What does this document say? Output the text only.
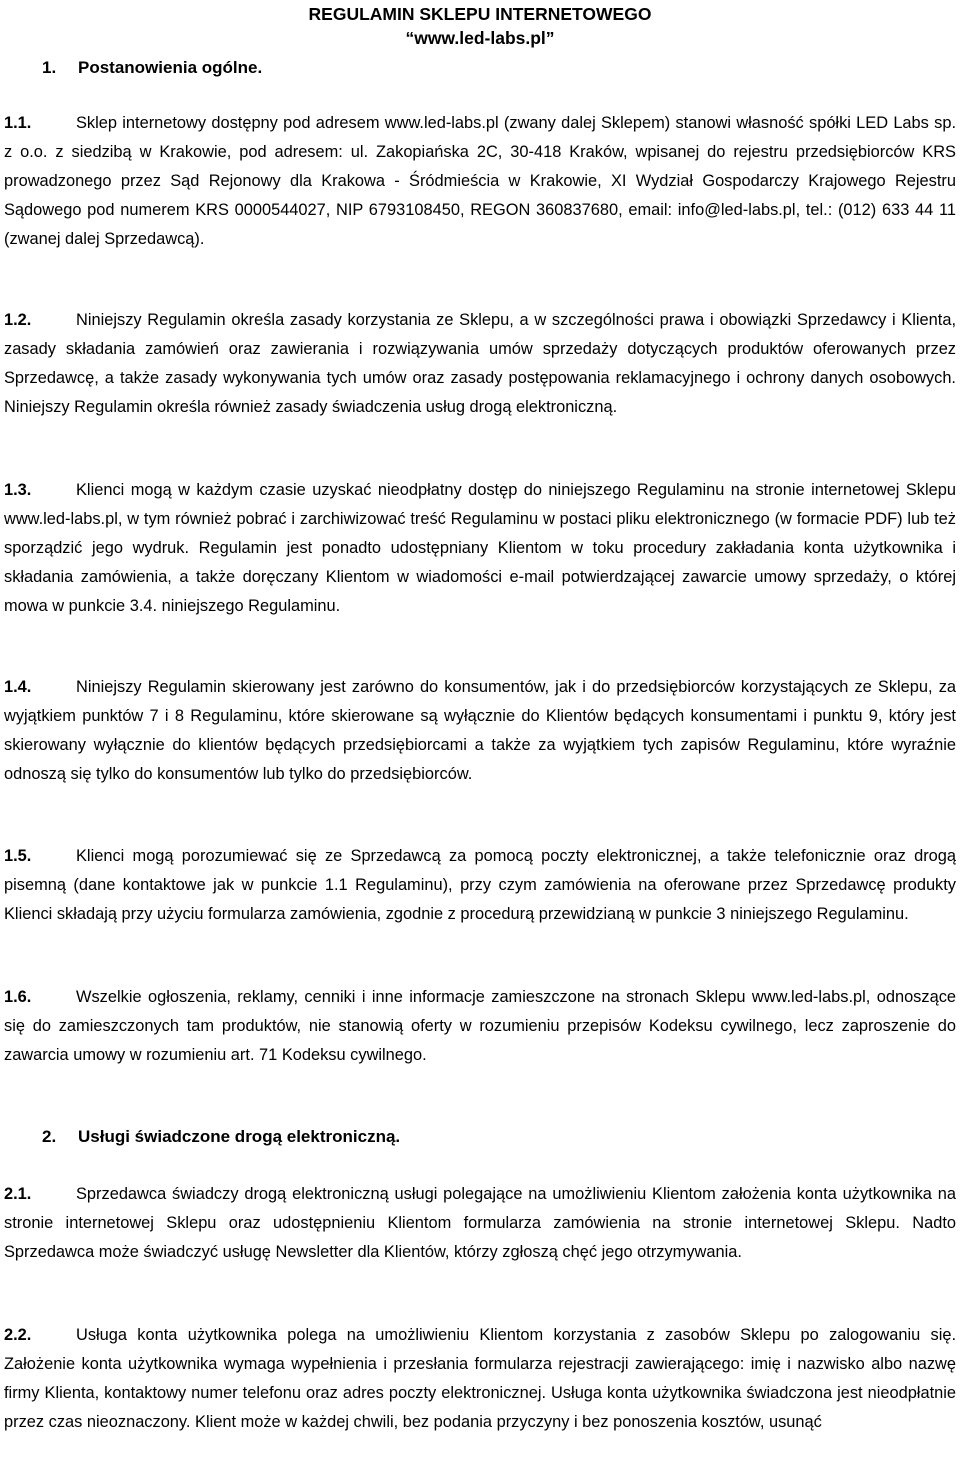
REGULAMIN SKLEPU INTERNETOWEGO
“www.led-labs.pl”
1. Postanowienia ogólne.
1.1.	Sklep internetowy dostępny pod adresem www.led-labs.pl (zwany dalej Sklepem) stanowi własność spółki LED Labs sp. z o.o. z siedzibą w Krakowie, pod adresem: ul. Zakopiańska 2C, 30-418 Kraków, wpisanej do rejestru przedsiębiorców KRS prowadzonego przez Sąd Rejonowy dla Krakowa - Śródmieścia w Krakowie, XI Wydział Gospodarczy Krajowego Rejestru Sądowego pod numerem KRS 0000544027, NIP 6793108450, REGON 360837680, email: info@led-labs.pl, tel.: (012) 633 44 11 (zwanej dalej Sprzedawcą).
1.2.	Niniejszy Regulamin określa zasady korzystania ze Sklepu, a w szczególności prawa i obowiązki Sprzedawcy i Klienta, zasady składania zamówień oraz zawierania i rozwiązywania umów sprzedaży dotyczących produktów oferowanych przez Sprzedawcę, a także zasady wykonywania tych umów oraz zasady postępowania reklamacyjnego i ochrony danych osobowych. Niniejszy Regulamin określa również zasady świadczenia usług drogą elektroniczną.
1.3.	Klienci mogą w każdym czasie uzyskać nieodpłatny dostęp do niniejszego Regulaminu na stronie internetowej Sklepu www.led-labs.pl, w tym również pobrać i zarchiwizować treść Regulaminu w postaci pliku elektronicznego (w formacie PDF) lub też sporządzić jego wydruk. Regulamin jest ponadto udostępniany Klientom w toku procedury zakładania konta użytkownika i składania zamówienia, a także doręczany Klientom w wiadomości e-mail potwierdzającej zawarcie umowy sprzedaży, o której mowa w punkcie 3.4. niniejszego Regulaminu.
1.4.	Niniejszy Regulamin skierowany jest zarówno do konsumentów, jak i do przedsiębiorców korzystających ze Sklepu, za wyjątkiem punktów 7 i 8 Regulaminu, które skierowane są wyłącznie do Klientów będących konsumentami i punktu 9, który jest skierowany wyłącznie do klientów będących przedsiębiorcami a także za wyjątkiem tych zapisów Regulaminu, które wyraźnie odnoszą się tylko do konsumentów lub tylko do przedsiębiorców.
1.5.	Klienci mogą porozumiewać się ze Sprzedawcą za pomocą poczty elektronicznej, a także telefonicznie oraz drogą pisemną (dane kontaktowe jak w punkcie 1.1 Regulaminu), przy czym zamówienia na oferowane przez Sprzedawcę produkty Klienci składają przy użyciu formularza zamówienia, zgodnie z procedurą przewidzianą w punkcie 3 niniejszego Regulaminu.
1.6.	Wszelkie ogłoszenia, reklamy, cenniki i inne informacje zamieszczone na stronach Sklepu www.led-labs.pl, odnoszące się do zamieszczonych tam produktów, nie stanowią oferty w rozumieniu przepisów Kodeksu cywilnego, lecz zaproszenie do zawarcia umowy w rozumieniu art. 71 Kodeksu cywilnego.
2. Usługi świadczone drogą elektroniczną.
2.1.	Sprzedawca świadczy drogą elektroniczną usługi polegające na umożliwieniu Klientom założenia konta użytkownika na stronie internetowej Sklepu oraz udostępnieniu Klientom formularza zamówienia na stronie internetowej Sklepu. Nadto Sprzedawca może świadczyć usługę Newsletter dla Klientów, którzy zgłoszą chęć jego otrzymywania.
2.2.	Usługa konta użytkownika polega na umożliwieniu Klientom korzystania z zasobów Sklepu po zalogowaniu się. Założenie konta użytkownika wymaga wypełnienia i przesłania formularza rejestracji zawierającego: imię i nazwisko albo nazwę firmy Klienta, kontaktowy numer telefonu oraz adres poczty elektronicznej. Usługa konta użytkownika świadczona jest nieodpłatnie przez czas nieoznaczony. Klient może w każdej chwili, bez podania przyczyny i bez ponoszenia kosztów, usunąć
